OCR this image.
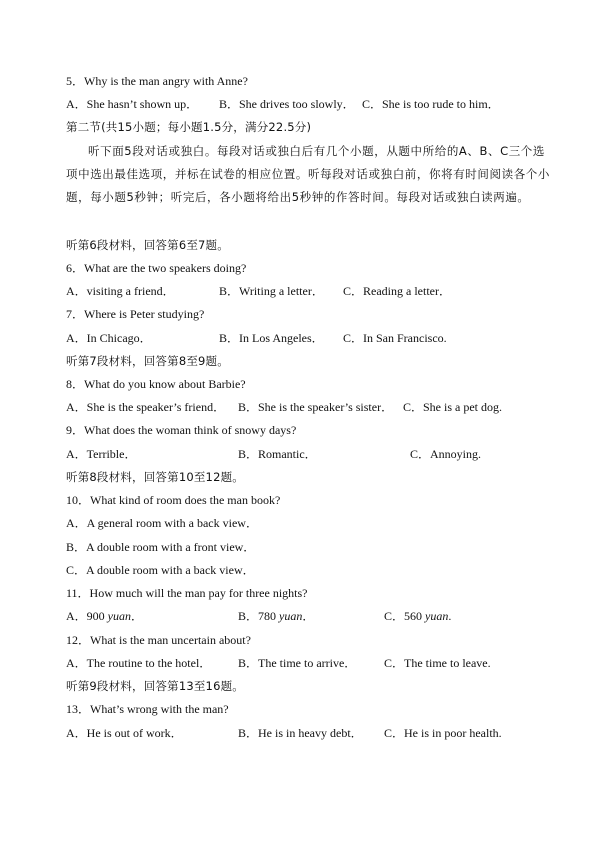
5．Why is the man angry with Anne?
A．She hasn’t shown up． B．She drives too slowly． C．She is too rude to him．
第二节(共15小题；每小题1.5分，满分22.5分)
听下面5段对话或独白。每段对话或独白后有几个小题，从题中所给的A、B、C三个选项中选出最佳选项，并标在试卷的相应位置。听每段对话或独白前，你将有时间阅读各个小题，每小题5秒钟；听完后，各小题将给出5秒钟的作答时间。每段对话或独白读两遍。
听第6段材料，回答第6至7题。
6．What are the two speakers doing?
A．visiting a friend．	B．Writing a letter． C．Reading a letter．
7．Where is Peter studying?
A．In Chicago．	B．In Los Angeles． C．In San Francisco.
听第7段材料，回答第8至9题。
8．What do you know about Barbie?
A．She is the speaker’s friend． B．She is the speaker’s sister． C．She is a pet dog.
9．What does the woman think of snowy days?
A．Terrible．	B．Romantic．	C．Annoying.
听第8段材料，回答第10至12题。
10．What kind of room does the man book?
A．A general room with a back view．
B．A double room with a front view．
C．A double room with a back view．
11．How much will the man pay for three nights?
A．900 yuan．	B．780 yuan．	C．560 yuan.
12．What is the man uncertain about?
A．The routine to the hotel． B．The time to arrive． C．The time to leave.
听第9段材料，回答第13至16题。
13．What’s wrong with the man?
A．He is out of work．	B．He is in heavy debt． C．He is in poor health.
